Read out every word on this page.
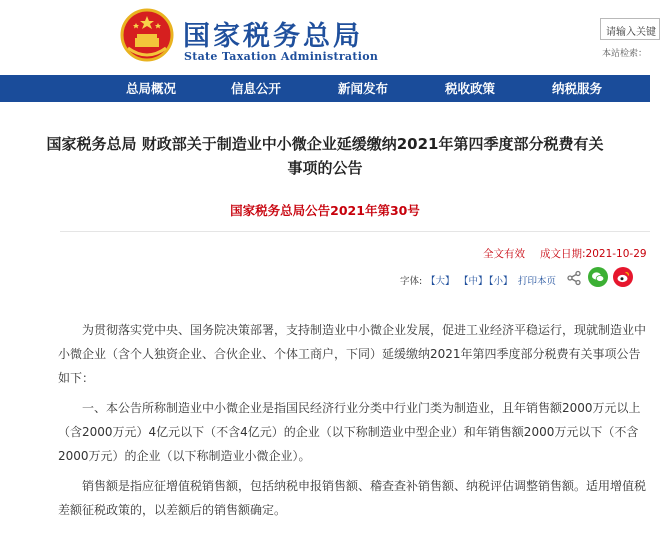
国家税务总局
State Taxation Administration
请输入关键
本站检索：
总局概况	信息公开	新闻发布	税收政策	纳税服务
国家税务总局 财政部关于制造业中小微企业延缓缴纳2021年第四季度部分税费有关事项的公告
国家税务总局公告2021年第30号
全文有效 成文日期:2021-10-29
字体: 【大】 【中】
【小】 打印本页
为贯彻落实党中央、国务院决策部署，支持制造业中小微企业发展，促进工业经济平稳运行，现就制造业中小微企业（含个人独资企业、合伙企业、个体工商户，下同）延缓缴纳2021年第四季度部分税费有关事项公告如下：
一、本公告所称制造业中小微企业是指国民经济行业分类中行业门类为制造业，且年销售额2000万元以上（含2000万元）4亿元以下（不含4亿元）的企业（以下称制造业中型企业）和年销售额2000万元以下（不含2000万元）的企业（以下称制造业小微企业）。
销售额是指应征增值税销售额，包括纳税申报销售额、稽查查补销售额、纳税评估调整销售额。适用增值税差额征税政策的，以差额后的销售额确定。
